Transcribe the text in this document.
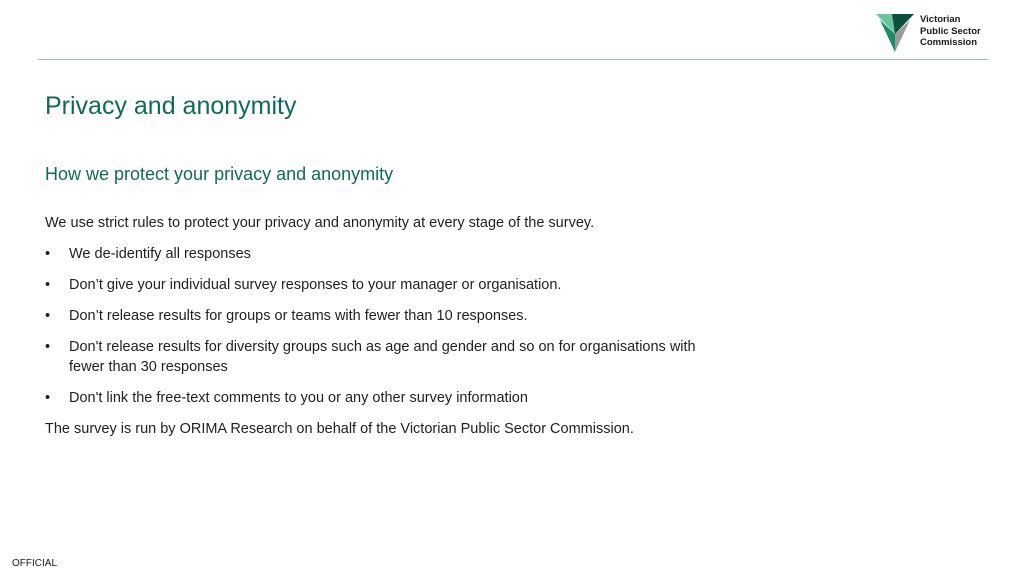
Victorian
Public Sector
Commission
Privacy and anonymity
How we protect your privacy and anonymity

We use strict rules to protect your privacy and anonymity at every stage of the survey.

• We de-identify all responses
• Don’t give your individual survey responses to your manager or organisation.
• Don’t release results for groups or teams with fewer than 10 responses.
• Don't release results for diversity groups such as age and gender and so on for organisations with fewer than 30 responses
• Don't link the free-text comments to you or any other survey information

The survey is run by ORIMA Research on behalf of the Victorian Public Sector Commission.

OFFICIAL
